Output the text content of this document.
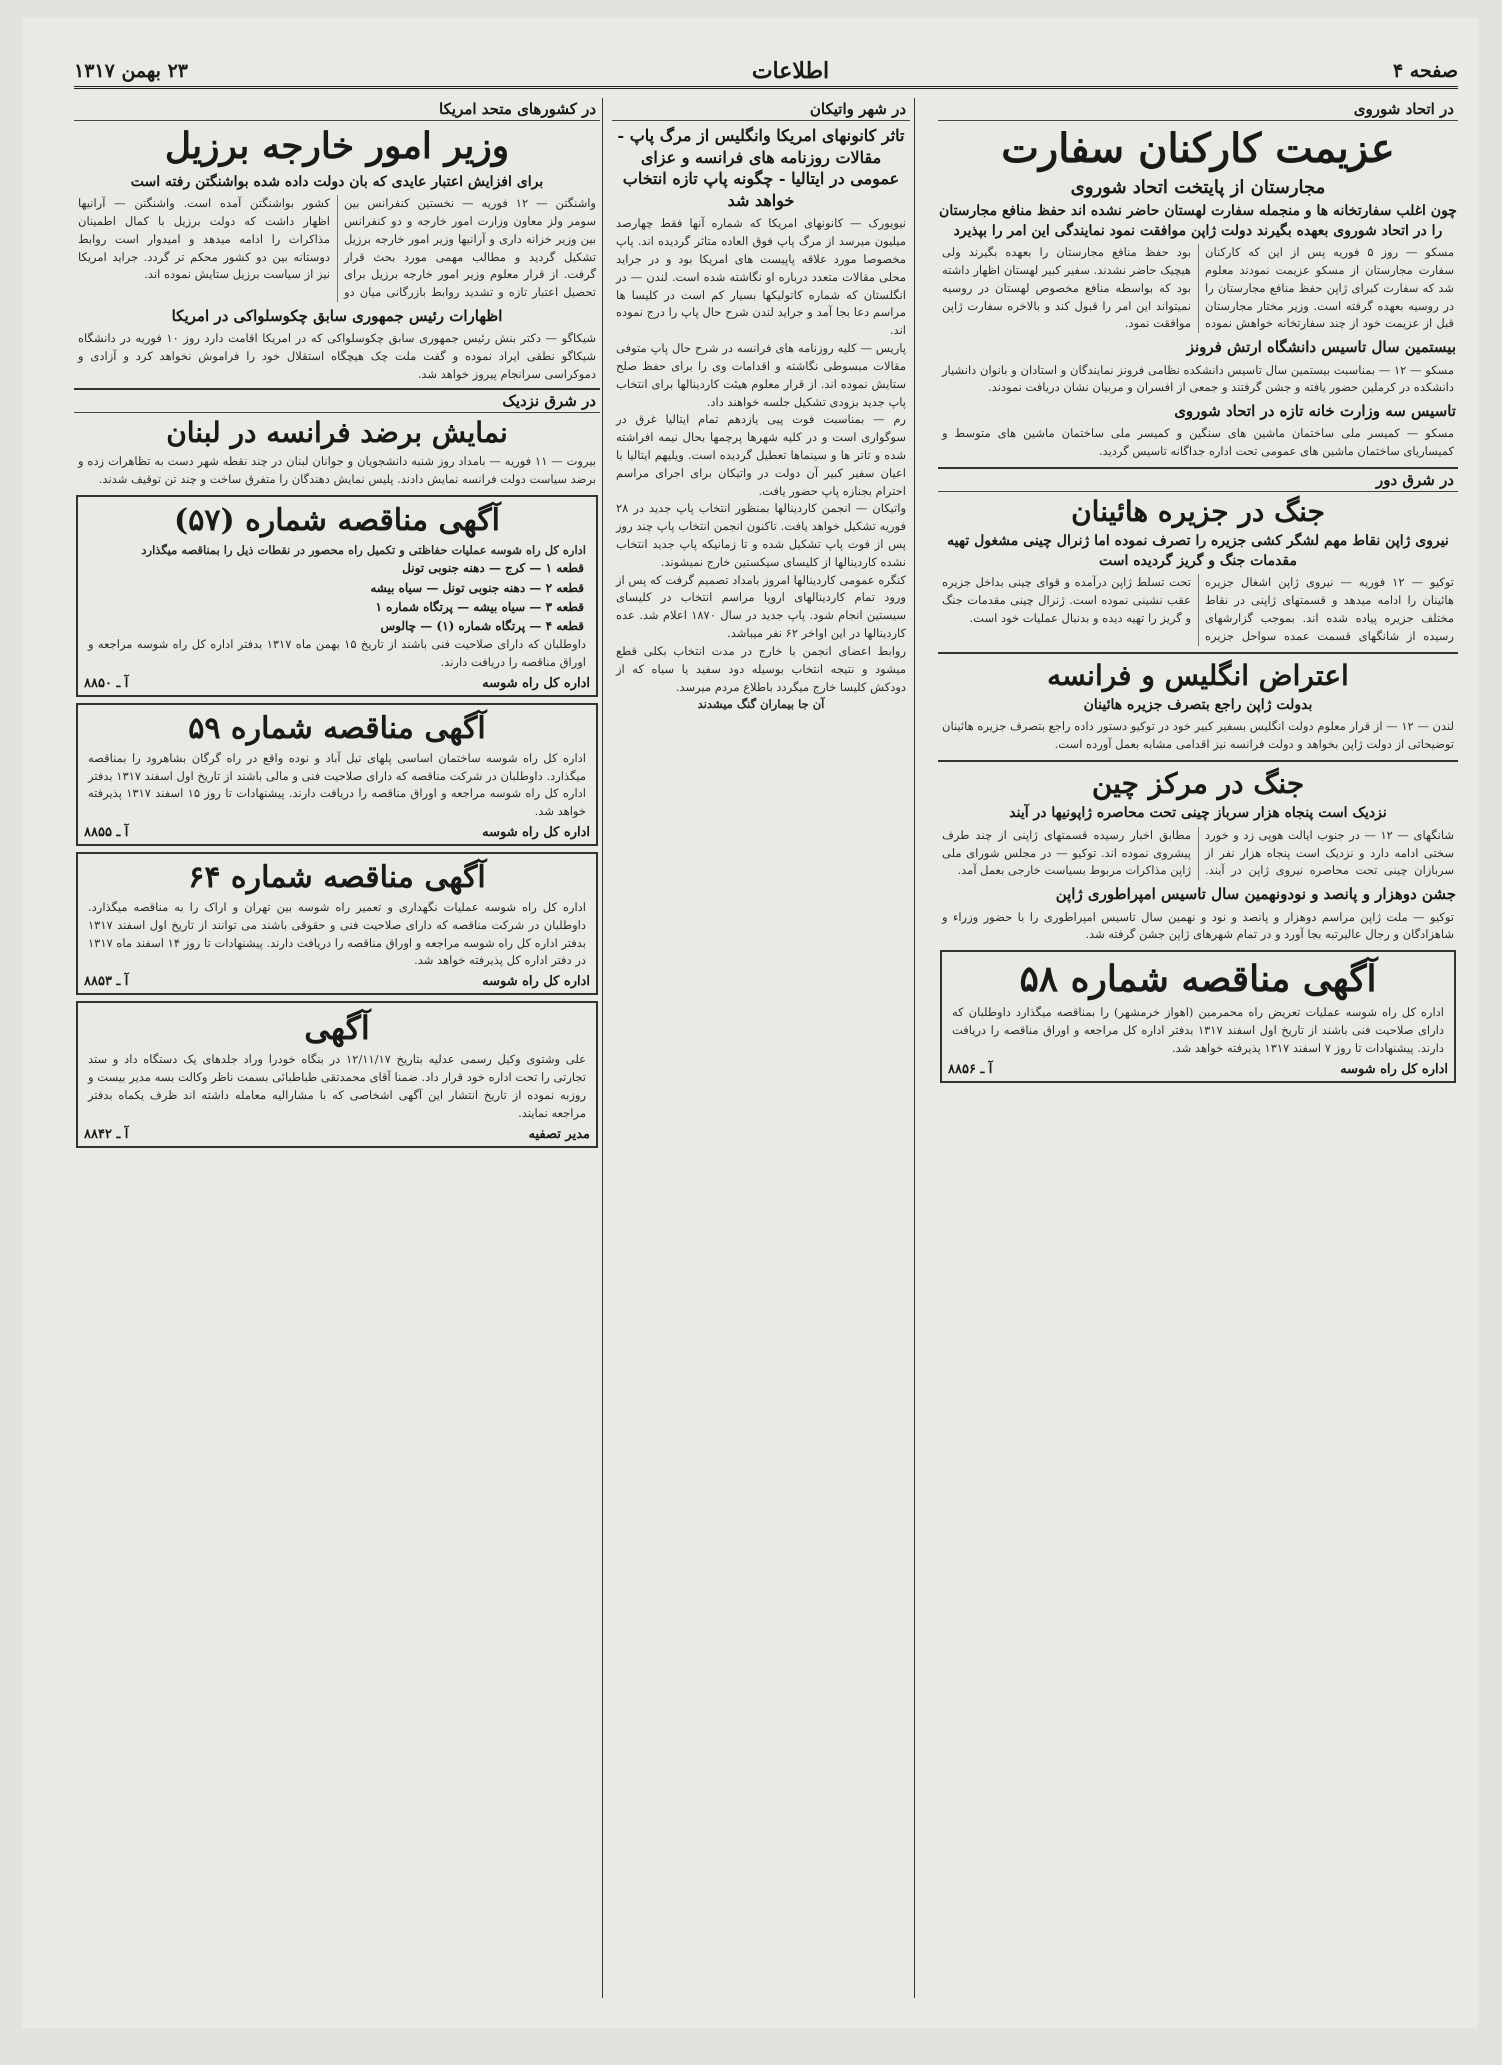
صفحه ۴
اطلاعات
۲۳ بهمن ۱۳۱۷
در اتحاد شوروی
عزیمت کارکنان سفارت
مجارستان از پایتخت اتحاد شوروی
چون اغلب سفارتخانه ها و منجمله سفارت لهستان حاضر نشده اند حفظ منافع مجارستان را در اتحاد شوروی بعهده بگیرند دولت ژاپن موافقت نمود نمایندگی این امر را بپذیرد
مسکو — روز ۵ فوریه پس از این که کارکنان سفارت مجارستان از مسکو عزیمت نمودند معلوم شد که سفارت کبرای ژاپن حفظ منافع مجارستان را در روسیه بعهده گرفته است. وزیر مختار مجارستان قبل از عزیمت خود از چند سفارتخانه خواهش نموده بود حفظ منافع مجارستان را بعهده بگیرند ولی هیچیک حاضر نشدند. سفیر کبیر لهستان اظهار داشته بود که بواسطه منافع مخصوص لهستان در روسیه نمیتواند این امر را قبول کند و بالاخره سفارت ژاپن موافقت نمود.
بیستمین سال تاسیس دانشگاه ارتش فرونز
مسکو — ۱۲ — بمناسبت بیستمین سال تاسیس دانشکده نظامی فرونز نمایندگان و استادان و بانوان دانشیار دانشکده در کرملین حضور یافته و جشن گرفتند و جمعی از افسران و مربیان نشان دریافت نمودند.
تاسیس سه وزارت خانه تازه در اتحاد شوروی
مسکو — کمیسر ملی ساختمان ماشین های سنگین و کمیسر ملی ساختمان ماشین های متوسط و کمیساریای ساختمان ماشین های عمومی تحت اداره جداگانه تاسیس گردید.
در شرق دور
جنگ در جزیره هائینان
نیروی ژاپن نقاط مهم لشگر کشی جزیره را تصرف نموده اما ژنرال چینی مشغول تهیه مقدمات جنگ و گریز گردیده است
توکیو — ۱۲ فوریه — نیروی ژاپن اشغال جزیره هائینان را ادامه میدهد و قسمتهای ژاپنی در نقاط مختلف جزیره پیاده شده اند. بموجب گزارشهای رسیده از شانگهای قسمت عمده سواحل جزیره تحت تسلط ژاپن درآمده و قوای چینی بداخل جزیره عقب نشینی نموده است. ژنرال چینی مقدمات جنگ و گریز را تهیه دیده و بدنبال عملیات خود است.
اعتراض انگلیس و فرانسه
بدولت ژاپن راجع بتصرف جزیره هائینان
لندن — ۱۲ — از قرار معلوم دولت انگلیس بسفیر کبیر خود در توکیو دستور داده راجع بتصرف جزیره هائینان توضیحاتی از دولت ژاپن بخواهد و دولت فرانسه نیز اقدامی مشابه بعمل آورده است.
جنگ در مرکز چین
نزدیک است پنجاه هزار سرباز چینی تحت محاصره ژاپونیها در آیند
شانگهای — ۱۲ — در جنوب ایالت هوپی زد و خورد سختی ادامه دارد و نزدیک است پنجاه هزار نفر از سربازان چینی تحت محاصره نیروی ژاپن در آیند. مطابق اخبار رسیده قسمتهای ژاپنی از چند طرف پیشروی نموده اند. توکیو — در مجلس شورای ملی ژاپن مذاکرات مربوط بسیاست خارجی بعمل آمد.
جشن دوهزار و پانصد و نودونهمین سال تاسیس امپراطوری ژاپن
توکیو — ملت ژاپن مراسم دوهزار و پانصد و نود و نهمین سال تاسیس امپراطوری را با حضور وزراء و شاهزادگان و رجال عالیرتبه بجا آورد و در تمام شهرهای ژاپن جشن گرفته شد.
آگهی مناقصه شماره ۵۸
اداره کل راه شوسه عملیات تعریض راه محمرمین (اهواز خرمشهر) را بمناقصه میگذارد داوطلبان که دارای صلاحیت فنی باشند از تاریخ اول اسفند ۱۳۱۷ بدفتر اداره کل مراجعه و اوراق مناقصه را دریافت دارند. پیشنهادات تا روز ۷ اسفند ۱۳۱۷ پذیرفته خواهد شد.
اداره کل راه شوسه
آ ـ ۸۸۵۶
در شهر واتیکان
تاثر کانونهای امریکا وانگلیس از مرگ پاپ - مقالات روزنامه های فرانسه و عزای عمومی در ایتالیا - چگونه پاپ تازه انتخاب خواهد شد
نیویورک — کانونهای امریکا که شماره آنها فقط چهارصد میلیون میرسد از مرگ پاپ فوق العاده متاثر گردیده اند. پاپ مخصوصا مورد علاقه پاپیست های امریکا بود و در جراید محلی مقالات متعدد درباره او نگاشته شده است. لندن — در انگلستان که شماره کاتولیکها بسیار کم است در کلیسا ها مراسم دعا بجا آمد و جراید لندن شرح حال پاپ را درج نموده اند.
پاریس — کلیه روزنامه های فرانسه در شرح حال پاپ متوفی مقالات مبسوطی نگاشته و اقدامات وی را برای حفظ صلح ستایش نموده اند. از قرار معلوم هیئت کاردینالها برای انتخاب پاپ جدید بزودی تشکیل جلسه خواهند داد.
رم — بمناسبت فوت پیی یازدهم تمام ایتالیا غرق در سوگواری است و در کلیه شهرها پرچمها بحال نیمه افراشته شده و تاتر ها و سینماها تعطیل گردیده است. ویلیهم ایتالیا با اعیان سفیر کبیر آن دولت در واتیکان برای اجرای مراسم احترام بجنازه پاپ حضور یافت.
واتیکان — انجمن کاردینالها بمنظور انتخاب پاپ جدید در ۲۸ فوریه تشکیل خواهد یافت. تاکنون انجمن انتخاب پاپ چند روز پس از فوت پاپ تشکیل شده و تا زمانیکه پاپ جدید انتخاب نشده کاردینالها از کلیسای سیکستین خارج نمیشوند.
کنگره عمومی کاردینالها امروز بامداد تصمیم گرفت که پس از ورود تمام کاردینالهای اروپا مراسم انتخاب در کلیسای سیستین انجام شود. پاپ جدید در سال ۱۸۷۰ اعلام شد. عده کاردینالها در این اواخر ۶۲ نفر میباشد.
روابط اعضای انجمن با خارج در مدت انتخاب بکلی قطع میشود و نتیجه انتخاب بوسیله دود سفید یا سیاه که از دودکش کلیسا خارج میگردد باطلاع مردم میرسد.
آن جا بیماران گنگ میشدند
در کشورهای متحد امریکا
وزیر امور خارجه برزیل
برای افزایش اعتبار عایدی که بان دولت داده شده بواشنگتن رفته است
واشنگتن — ۱۲ فوریه — نخستین کنفرانس بین سومر ولز معاون وزارت امور خارجه و دو کنفرانس بین وزیر خزانه داری و آرانیها وزیر امور خارجه برزیل تشکیل گردید و مطالب مهمی مورد بحث قرار گرفت. از قرار معلوم وزیر امور خارجه برزیل برای تحصیل اعتبار تازه و تشدید روابط بازرگانی میان دو کشور بواشنگتن آمده است. واشنگتن — آرانیها اظهار داشت که دولت برزیل با کمال اطمینان مذاکرات را ادامه میدهد و امیدوار است روابط دوستانه بین دو کشور محکم تر گردد. جراید امریکا نیز از سیاست برزیل ستایش نموده اند.
اظهارات رئیس جمهوری سابق چکوسلواکی در امریکا
شیکاگو — دکتر بنش رئیس جمهوری سابق چکوسلواکی که در امریکا اقامت دارد روز ۱۰ فوریه در دانشگاه شیکاگو نطقی ایراد نموده و گفت ملت چک هیچگاه استقلال خود را فراموش نخواهد کرد و آزادی و دموکراسی سرانجام پیروز خواهد شد.
در شرق نزدیک
نمایش برضد فرانسه در لبنان
بیروت — ۱۱ فوریه — بامداد روز شنبه دانشجویان و جوانان لبنان در چند نقطه شهر دست به تظاهرات زده و برضد سیاست دولت فرانسه نمایش دادند. پلیس نمایش دهندگان را متفرق ساخت و چند تن توقیف شدند.
آگهی مناقصه شماره (۵۷)
اداره کل راه شوسه عملیات حفاظتی و تکمیل راه محصور در نقطات ذیل را بمناقصه میگذارد
قطعه ۱ — کرج — دهنه جنوبی تونل
قطعه ۲ — دهنه جنوبی تونل — سیاه بیشه
قطعه ۳ — سیاه بیشه — پرتگاه شماره ۱
قطعه ۴ — پرتگاه شماره (۱) — چالوس
داوطلبان که دارای صلاحیت فنی باشند از تاریخ ۱۵ بهمن ماه ۱۳۱۷ بدفتر اداره کل راه شوسه مراجعه و اوراق مناقصه را دریافت دارند.
اداره کل راه شوسه
آ ـ ۸۸۵۰
آگهی مناقصه شماره ۵۹
اداره کل راه شوسه ساختمان اساسی پلهای تیل آباد و نوده واقع در راه گرگان بشاهرود را بمناقصه میگذارد. داوطلبان در شرکت مناقصه که دارای صلاحیت فنی و مالی باشند از تاریخ اول اسفند ۱۳۱۷ بدفتر اداره کل راه شوسه مراجعه و اوراق مناقصه را دریافت دارند. پیشنهادات تا روز ۱۵ اسفند ۱۳۱۷ پذیرفته خواهد شد.
اداره کل راه شوسه
آ ـ ۸۸۵۵
آگهی مناقصه شماره ۶۴
اداره کل راه شوسه عملیات نگهداری و تعمیر راه شوسه بین تهران و اراک را به مناقصه میگذارد. داوطلبان در شرکت مناقصه که دارای صلاحیت فنی و حقوقی باشند می توانند از تاریخ اول اسفند ۱۳۱۷ بدفتر اداره کل راه شوسه مراجعه و اوراق مناقصه را دریافت دارند. پیشنهادات تا روز ۱۴ اسفند ماه ۱۳۱۷ در دفتر اداره کل پذیرفته خواهد شد.
اداره کل راه شوسه
آ ـ ۸۸۵۳
آگهی
علی وشتوی وکیل رسمی عدلیه بتاریخ ۱۲/۱۱/۱۷ در بنگاه خودرا وراد جلدهای یک دستگاه داد و ستد تجارتی را تحت اداره خود قرار داد. ضمنا آقای محمدتقی طباطبائی بسمت ناظر وکالت بسه مدیر بیست و روزبه نموده از تاریخ انتشار این آگهی اشخاصی که با مشارالیه معامله داشته اند ظرف یکماه بدفتر مراجعه نمایند.
مدیر تصفیه
آ ـ ۸۸۴۲
